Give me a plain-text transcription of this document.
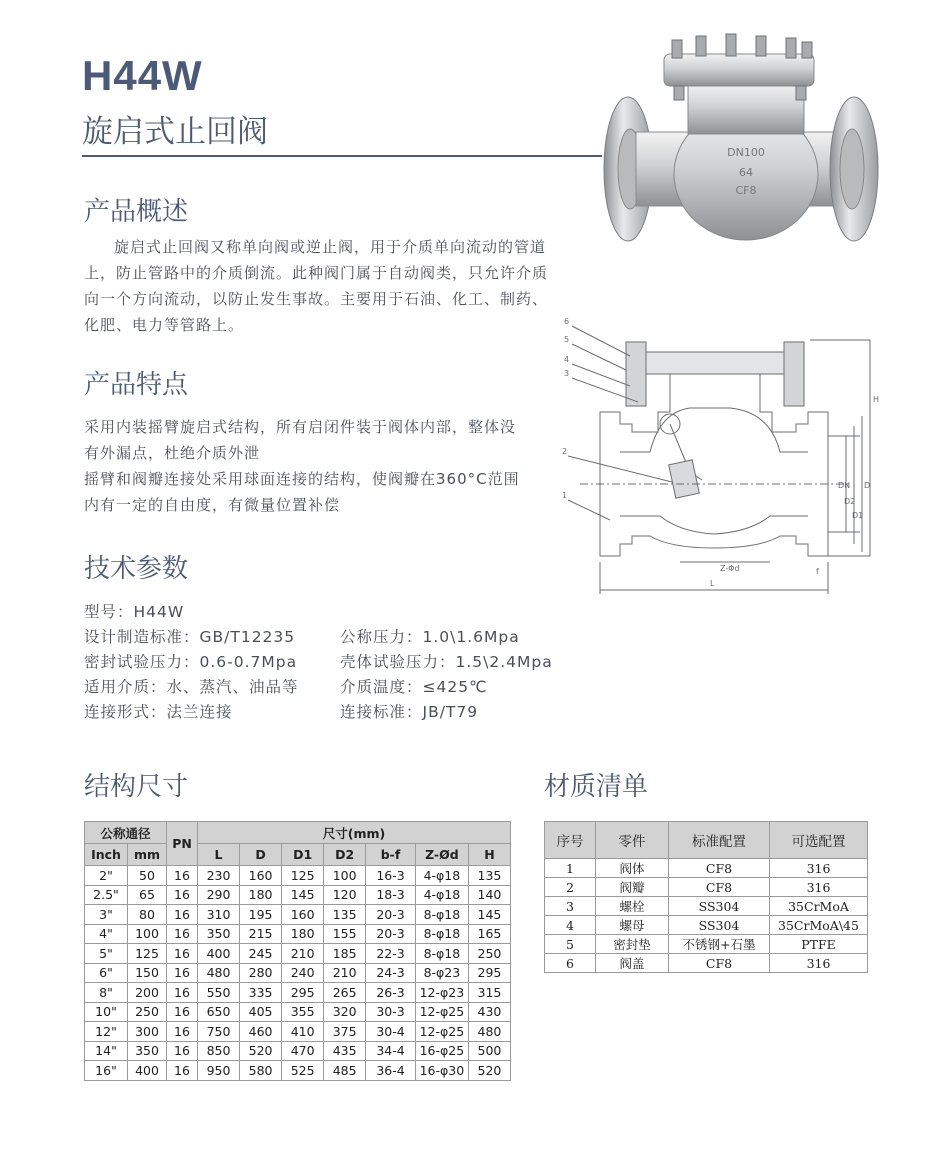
H44W
旋启式止回阀
DN100
64
CF8
产品概述
旋启式止回阀又称单向阀或逆止阀，用于介质单向流动的管道
上，防止管路中的介质倒流。此种阀门属于自动阀类，只允许介质
向一个方向流动，以防止发生事故。主要用于石油、化工、制药、
化肥、电力等管路上。
产品特点
采用内装摇臂旋启式结构，所有启闭件装于阀体内部，整体没
有外漏点，杜绝介质外泄
摇臂和阀瓣连接处采用球面连接的结构，使阀瓣在360°C范围
内有一定的自由度，有微量位置补偿
6
5
4
3
2
1
H
DN
D2
D1
D
Z-Φd	f
L
技术参数
型号：H44W
设计制造标准：GB/T12235
密封试验压力：0.6-0.7Mpa
适用介质：水、蒸汽、油品等
连接形式：法兰连接
公称压力：1.0\1.6Mpa
壳体试验压力：1.5\2.4Mpa
介质温度：≤425℃
连接标准：JB/T79
结构尺寸
公称通径		PN	尺寸(mm)						
Inch	mm		L	D	D1	D2	b-f	Z-Ød	H
2"	50	16	230	160	125	100	16-3	4-φ18	135
2.5"	65	16	290	180	145	120	18-3	4-φ18	140
3"	80	16	310	195	160	135	20-3	8-φ18	145
4"	100	16	350	215	180	155	20-3	8-φ18	165
5"	125	16	400	245	210	185	22-3	8-φ18	250
6"	150	16	480	280	240	210	24-3	8-φ23	295
8"	200	16	550	335	295	265	26-3	12-φ23	315
10"	250	16	650	405	355	320	30-3	12-φ25	430
12"	300	16	750	460	410	375	30-4	12-φ25	480
14"	350	16	850	520	470	435	34-4	16-φ25	500
16"	400	16	950	580	525	485	36-4	16-φ30	520
材质清单
序号	零件	标准配置	可选配置
1	阀体	CF8	316
2	阀瓣	CF8	316
3	螺栓	SS304	35CrMoA
4	螺母	SS304	35CrMoA\45
5	密封垫	不锈钢+石墨	PTFE
6	阀盖	CF8	316
